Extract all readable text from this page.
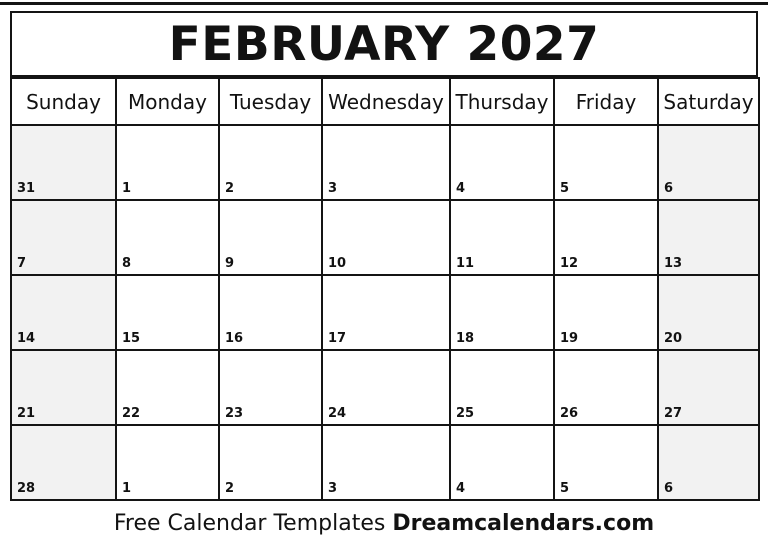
FEBRUARY 2027
Sunday	Monday	Tuesday	Wednesday	Thursday	Friday	Saturday
31	1	2	3	4	5	6
7	8	9	10	11	12	13
14	15	16	17	18	19	20
21	22	23	24	25	26	27
28	1	2	3	4	5	6
Free Calendar Templates Dreamcalendars.com
